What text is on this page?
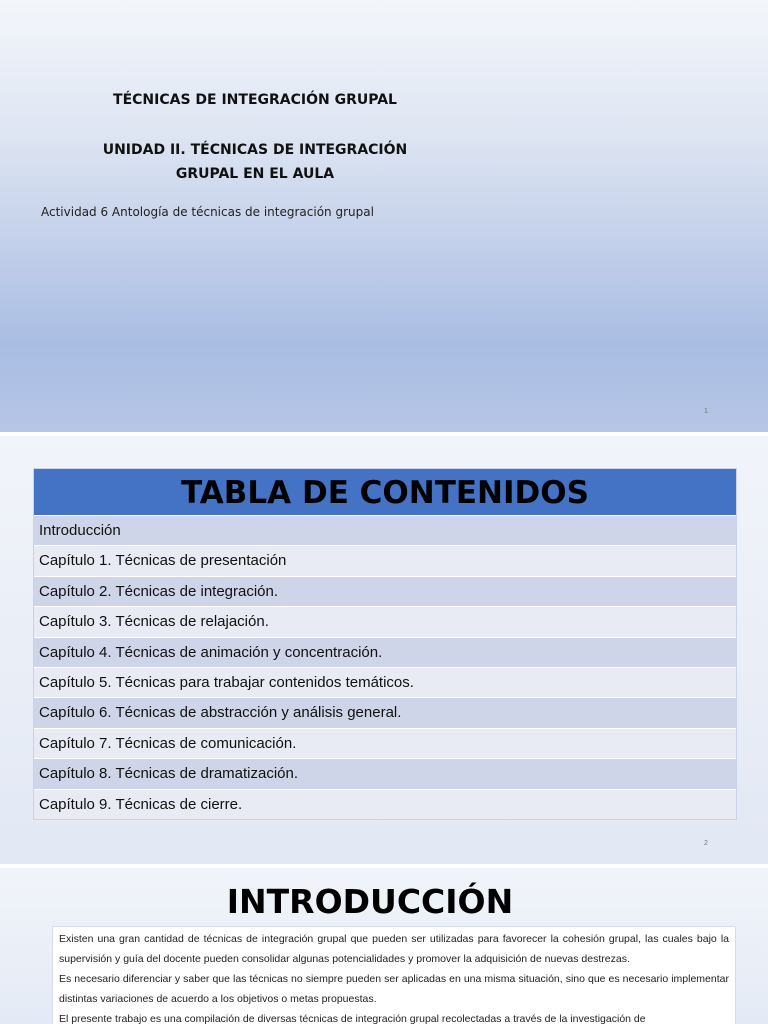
TÉCNICAS DE INTEGRACIÓN GRUPAL
UNIDAD II. TÉCNICAS DE INTEGRACIÓN
GRUPAL EN EL AULA
Actividad 6 Antología de técnicas de integración grupal
1
TABLA DE CONTENIDOS
Introducción
Capítulo 1. Técnicas de presentación
Capítulo 2. Técnicas de integración.
Capítulo 3. Técnicas de relajación.
Capítulo 4. Técnicas de animación y concentración.
Capítulo 5. Técnicas para trabajar contenidos temáticos.
Capítulo 6. Técnicas de abstracción y análisis general.
Capítulo 7. Técnicas de comunicación.
Capítulo 8. Técnicas de dramatización.
Capítulo 9. Técnicas de cierre.
2
INTRODUCCIÓN

Existen una gran cantidad de técnicas de integración grupal que pueden ser utilizadas para favorecer la cohesión grupal, las cuales bajo la supervisión y guía del docente pueden consolidar algunas potencialidades y promover la adquisición de nuevas destrezas.

Es necesario diferenciar y saber que las técnicas no siempre pueden ser aplicadas en una misma situación, sino que es necesario implementar distintas variaciones de acuerdo a los objetivos o metas propuestas.

El presente trabajo es una compilación de diversas técnicas de integración grupal recolectadas a través de la investigación de
